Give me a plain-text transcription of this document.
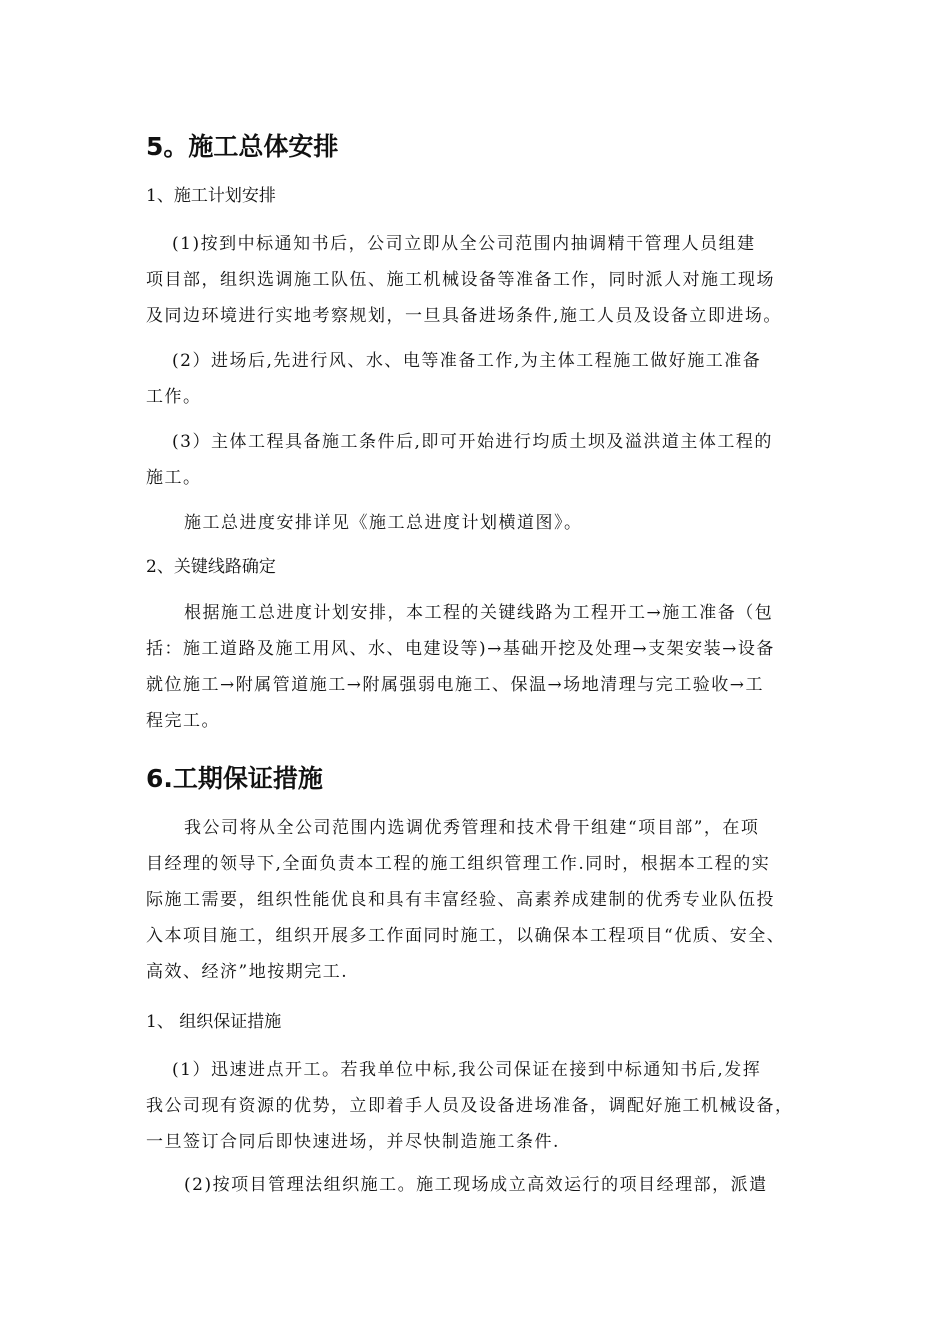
5。施工总体安排

1、施工计划安排

(1)按到中标通知书后，公司立即从全公司范围内抽调精干管理人员组建
项目部，组织选调施工队伍、施工机械设备等准备工作，同时派人对施工现场
及同边环境进行实地考察规划，一旦具备进场条件,施工人员及设备立即进场。
(2）进场后,先进行风、水、电等准备工作,为主体工程施工做好施工准备
工作。
(3）主体工程具备施工条件后,即可开始进行均质土坝及溢洪道主体工程的
施工。
施工总进度安排详见《施工总进度计划横道图》。

2、关键线路确定

根据施工总进度计划安排，本工程的关键线路为工程开工→施工准备（包
括：施工道路及施工用风、水、电建设等)→基础开挖及处理→支架安装→设备
就位施工→附属管道施工→附属强弱电施工、保温→场地清理与完工验收→工
程完工。
6.工期保证措施
我公司将从全公司范围内选调优秀管理和技术骨干组建“项目部”，在项
目经理的领导下,全面负责本工程的施工组织管理工作.同时，根据本工程的实
际施工需要，组织性能优良和具有丰富经验、高素养成建制的优秀专业队伍投
入本项目施工，组织开展多工作面同时施工，以确保本工程项目“优质、安全、
高效、经济”地按期完工.

1、 组织保证措施

(1）迅速进点开工。若我单位中标,我公司保证在接到中标通知书后,发挥
我公司现有资源的优势，立即着手人员及设备进场准备，调配好施工机械设备，
一旦签订合同后即快速进场，并尽快制造施工条件.
(2)按项目管理法组织施工。施工现场成立高效运行的项目经理部，派遣
